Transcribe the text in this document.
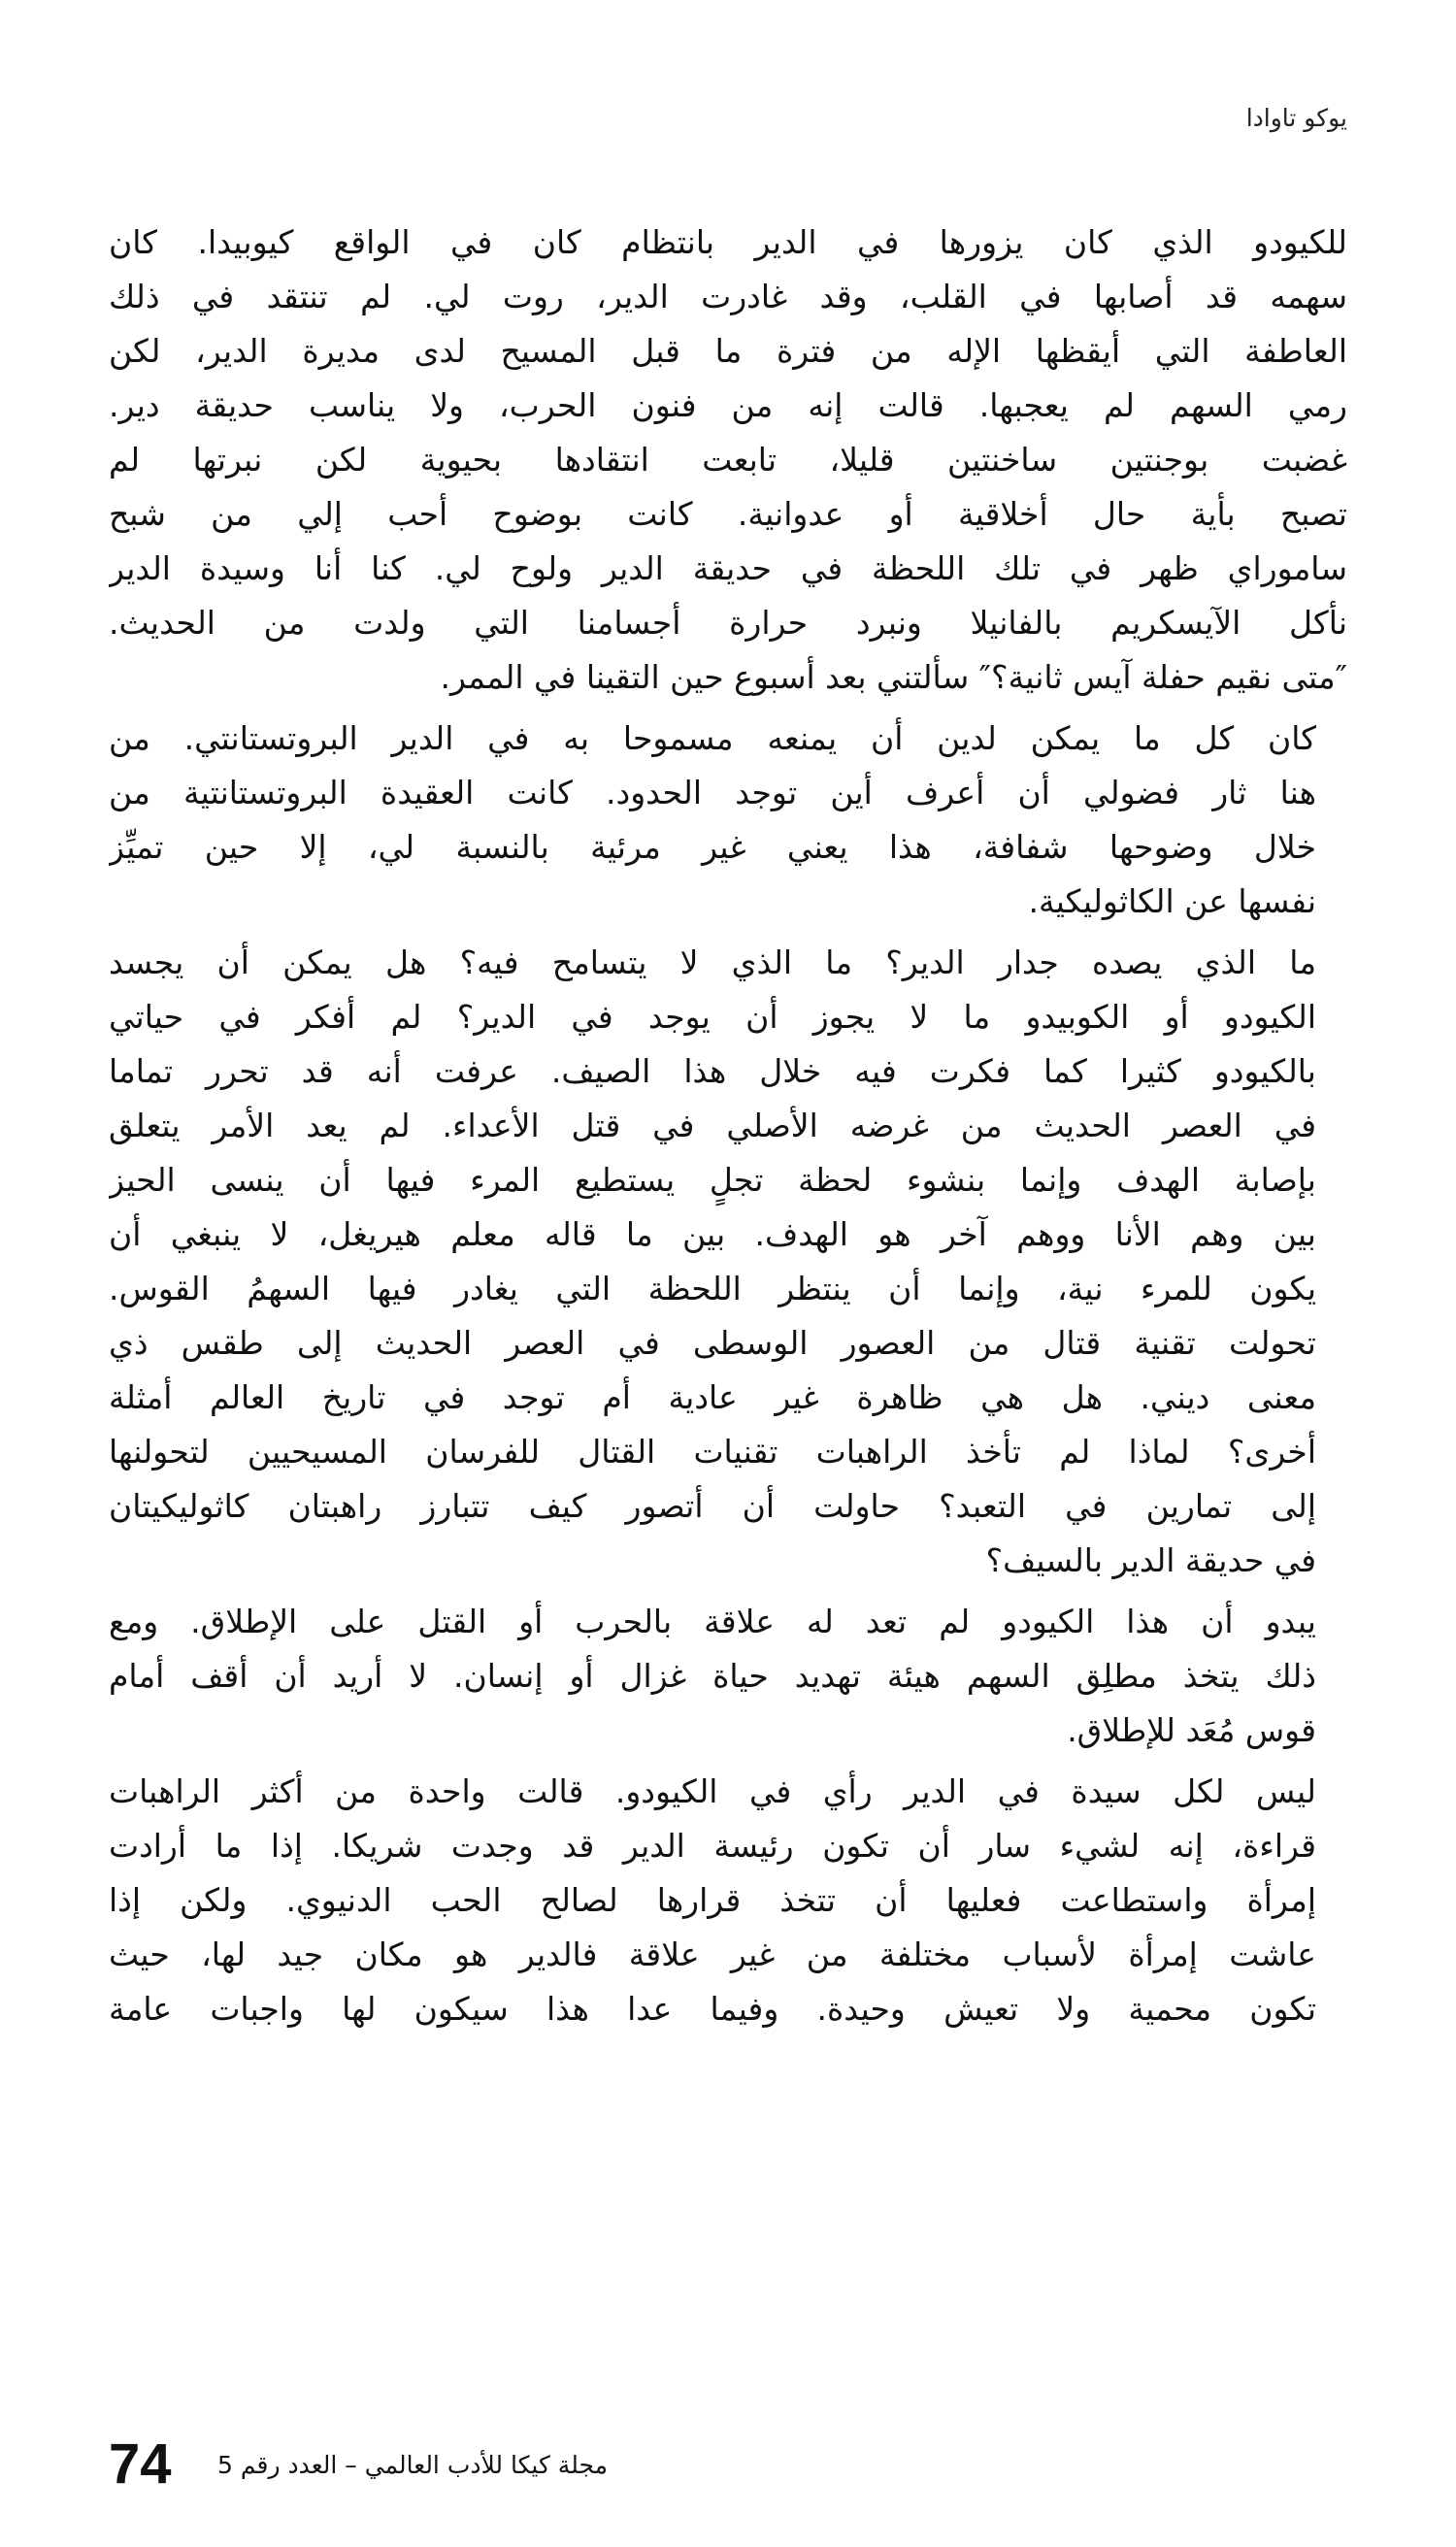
يوكو تاوادا
للكيودو الذي كان يزورها في الدير بانتظام كان في الواقع كيوبيدا. كان
سهمه قد أصابها في القلب، وقد غادرت الدير، روت لي. لم تنتقد في ذلك
العاطفة التي أيقظها الإله من فترة ما قبل المسيح لدى مديرة الدير، لكن
رمي السهم لم يعجبها. قالت إنه من فنون الحرب، ولا يناسب حديقة دير.
غضبت بوجنتين ساخنتين قليلا، تابعت انتقادها بحيوية لكن نبرتها لم
تصبح بأية حال أخلاقية أو عدوانية. كانت بوضوح أحب إلي من شبح
ساموراي ظهر في تلك اللحظة في حديقة الدير ولوح لي. كنا أنا وسيدة الدير
نأكل الآيسكريم بالفانيلا ونبرد حرارة أجسامنا التي ولدت من الحديث.
″متى نقيم حفلة آيس ثانية؟″ سألتني بعد أسبوع حين التقينا في الممر.
كان كل ما يمكن لدين أن يمنعه مسموحا به في الدير البروتستانتي. من
هنا ثار فضولي أن أعرف أين توجد الحدود. كانت العقيدة البروتستانتية من
خلال وضوحها شفافة، هذا يعني غير مرئية بالنسبة لي، إلا حين تميِّز
نفسها عن الكاثوليكية.
ما الذي يصده جدار الدير؟ ما الذي لا يتسامح فيه؟ هل يمكن أن يجسد
الكيودو أو الكوبيدو ما لا يجوز أن يوجد في الدير؟ لم أفكر في حياتي
بالكيودو كثيرا كما فكرت فيه خلال هذا الصيف. عرفت أنه قد تحرر تماما
في العصر الحديث من غرضه الأصلي في قتل الأعداء. لم يعد الأمر يتعلق
بإصابة الهدف وإنما بنشوء لحظة تجلٍ يستطيع المرء فيها أن ينسى الحيز
بين وهم الأنا ووهم آخر هو الهدف. بين ما قاله معلم هيريغل، لا ينبغي أن
يكون للمرء نية، وإنما أن ينتظر اللحظة التي يغادر فيها السهمُ القوس.
تحولت تقنية قتال من العصور الوسطى في العصر الحديث إلى طقس ذي
معنى ديني. هل هي ظاهرة غير عادية أم توجد في تاريخ العالم أمثلة
أخرى؟ لماذا لم تأخذ الراهبات تقنيات القتال للفرسان المسيحيين لتحولنها
إلى تمارين في التعبد؟ حاولت أن أتصور كيف تتبارز راهبتان كاثوليكيتان
في حديقة الدير بالسيف؟
يبدو أن هذا الكيودو لم تعد له علاقة بالحرب أو القتل على الإطلاق. ومع
ذلك يتخذ مطلِق السهم هيئة تهديد حياة غزال أو إنسان. لا أريد أن أقف أمام
قوس مُعَد للإطلاق.
ليس لكل سيدة في الدير رأي في الكيودو. قالت واحدة من أكثر الراهبات
قراءة، إنه لشيء سار أن تكون رئيسة الدير قد وجدت شريكا. إذا ما أرادت
إمرأة واستطاعت فعليها أن تتخذ قرارها لصالح الحب الدنيوي. ولكن إذا
عاشت إمرأة لأسباب مختلفة من غير علاقة فالدير هو مكان جيد لها، حيث
تكون محمية ولا تعيش وحيدة. وفيما عدا هذا سيكون لها واجبات عامة
74 مجلة كيكا للأدب العالمي – العدد رقم 5
